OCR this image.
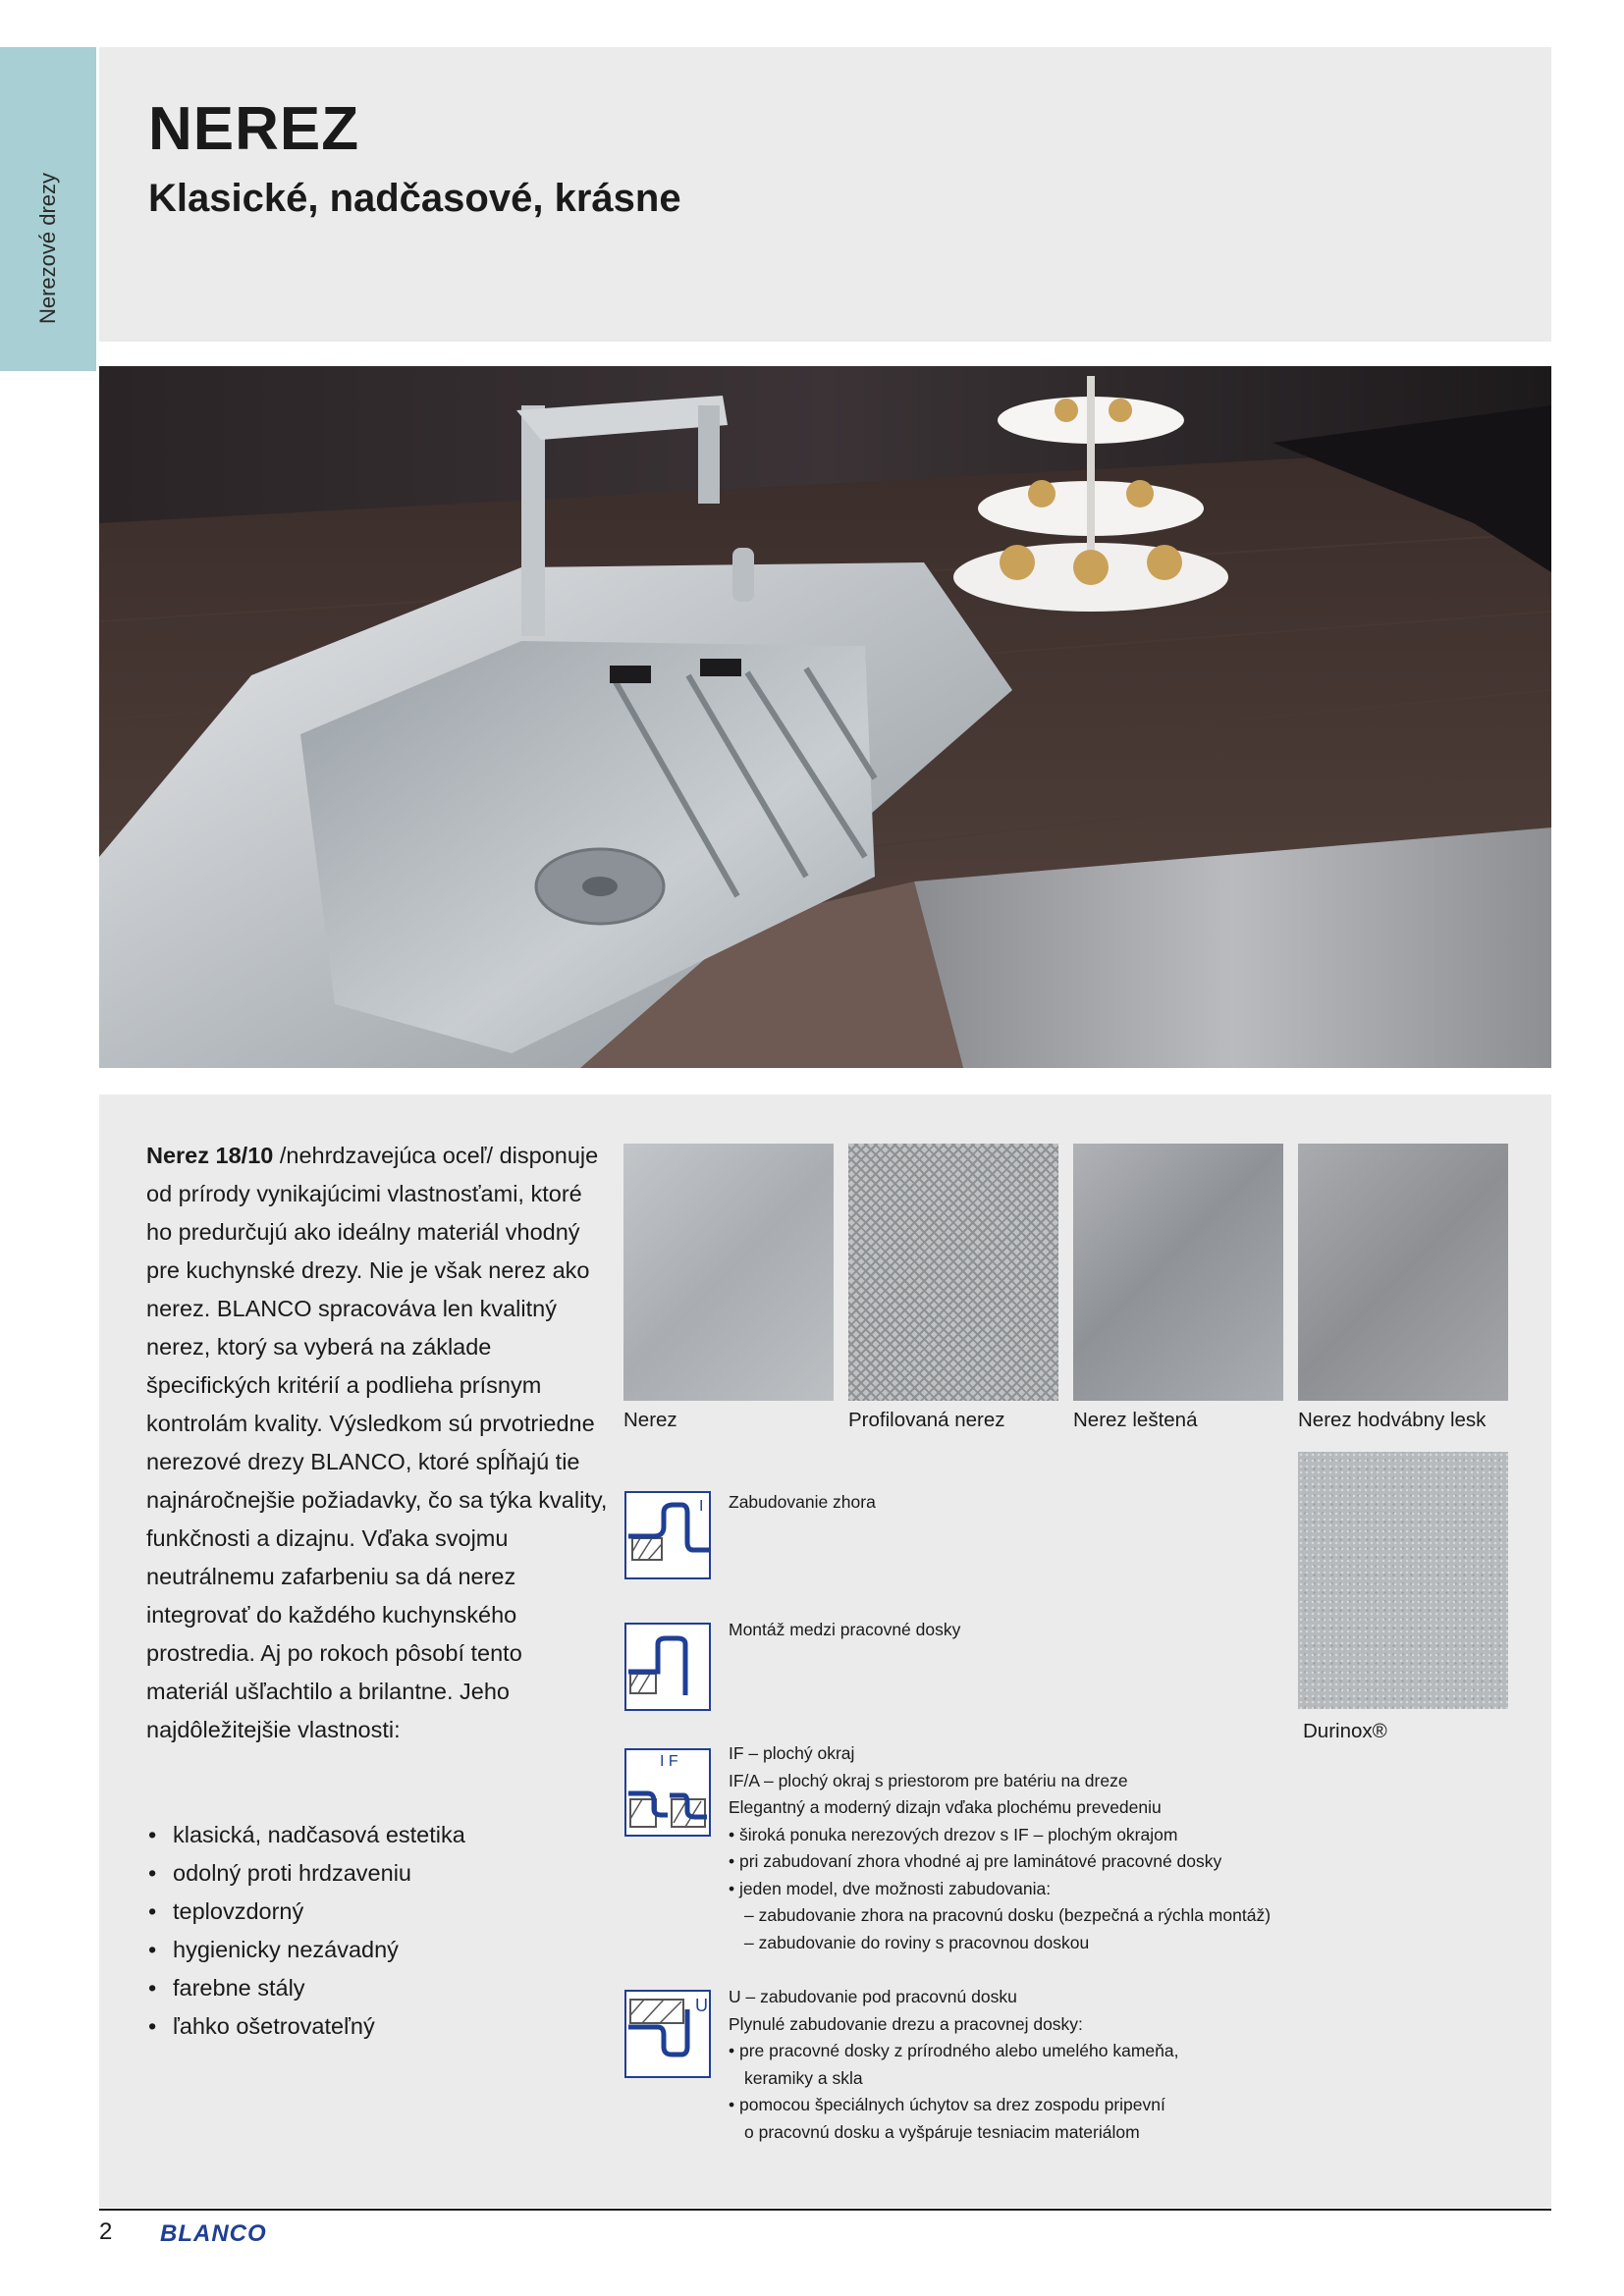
Nerezové drezy
NEREZ
Klasické, nadčasové, krásne

Nerez 18/10 /nehrdzavejúca oceľ/ disponuje od prírody vynikajúcimi vlastnosťami, ktoré ho predurčujú ako ideálny materiál vhodný pre kuchynské drezy. Nie je však nerez ako nerez. BLANCO spracováva len kvalitný nerez, ktorý sa vyberá na základe špecifických kritérií a podlieha prísnym kontrolám kvality. Výsledkom sú prvotriedne nerezové drezy BLANCO, ktoré spĺňajú tie najnáročnejšie požiadavky, čo sa týka kvality, funkčnosti a dizajnu. Vďaka svojmu neutrálnemu zafarbeniu sa dá nerez integrovať do každého kuchynského prostredia. Aj po rokoch pôsobí tento materiál ušľachtilo a brilantne. Jeho najdôležitejšie vlastnosti:

• klasická, nadčasová estetika
• odolný proti hrdzaveniu
• teplovzdorný
• hygienicky nezávadný
• farebne stály
• ľahko ošetrovateľný
Nerez	Profilovaná nerez	Nerez leštená	Nerez hodvábny lesk
Durinox®
I Zabudovanie zhora

Montáž medzi pracovné dosky

I F	IF – plochý okraj
IF/A – plochý okraj s priestorom pre batériu na dreze
Elegantný a moderný dizajn vďaka plochému prevedeniu
• široká ponuka nerezových drezov s IF – plochým okrajom
• pri zabudovaní zhora vhodné aj pre laminátové pracovné dosky
• jeden model, dve možnosti zabudovania:
– zabudovanie zhora na pracovnú dosku (bezpečná a rýchla montáž)
– zabudovanie do roviny s pracovnou doskou

U U – zabudovanie pod pracovnú dosku
Plynulé zabudovanie drezu a pracovnej dosky:
• pre pracovné dosky z prírodného alebo umelého kameňa,
keramiky a skla
• pomocou špeciálnych úchytov sa drez zospodu pripevní
o pracovnú dosku a vyšpáruje tesniacim materiálom

2 BLANCO
